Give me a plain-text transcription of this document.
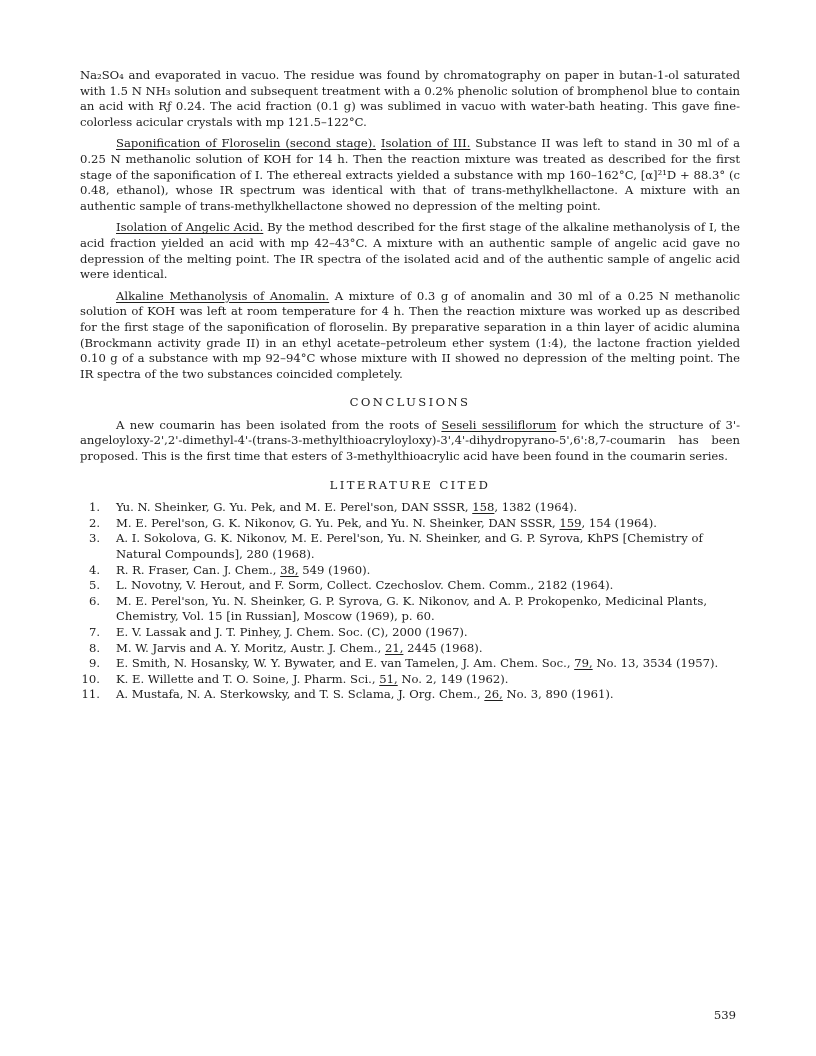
Na₂SO₄ and evaporated in vacuo. The residue was found by chromatography on paper in butan-1-ol saturated with 1.5 N NH₃ solution and subsequent treatment with a 0.2% phenolic solution of bromphenol blue to contain an acid with Rƒ 0.24. The acid fraction (0.1 g) was sublimed in vacuo with water-bath heating. This gave fine-colorless acicular crystals with mp 121.5–122°C.

Saponification of Floroselin (second stage). Isolation of III. Substance II was left to stand in 30 ml of a 0.25 N methanolic solution of KOH for 14 h. Then the reaction mixture was treated as described for the first stage of the saponification of I. The ethereal extracts yielded a substance with mp 160–162°C, [α]²¹D + 88.3° (c 0.48, ethanol), whose IR spectrum was identical with that of trans-methylkhellactone. A mixture with an authentic sample of trans-methylkhellactone showed no depression of the melting point.

Isolation of Angelic Acid. By the method described for the first stage of the alkaline methanolysis of I, the acid fraction yielded an acid with mp 42–43°C. A mixture with an authentic sample of angelic acid gave no depression of the melting point. The IR spectra of the isolated acid and of the authentic sample of angelic acid were identical.

Alkaline Methanolysis of Anomalin. A mixture of 0.3 g of anomalin and 30 ml of a 0.25 N methanolic solution of KOH was left at room temperature for 4 h. Then the reaction mixture was worked up as described for the first stage of the saponification of floroselin. By preparative separation in a thin layer of acidic alumina (Brockmann activity grade II) in an ethyl acetate–petroleum ether system (1:4), the lactone fraction yielded 0.10 g of a substance with mp 92–94°C whose mixture with II showed no depression of the melting point. The IR spectra of the two substances coincided completely.

CONCLUSIONS

A new coumarin has been isolated from the roots of Seseli sessiliflorum for which the structure of 3'-angeloyloxy-2',2'-dimethyl-4'-(trans-3-methylthioacryloyloxy)-3',4'-dihydropyrano-5',6':8,7-coumarin has been proposed. This is the first time that esters of 3-methylthioacrylic acid have been found in the coumarin series.

LITERATURE CITED
1. Yu. N. Sheinker, G. Yu. Pek, and M. E. Perel'son, DAN SSSR, 158, 1382 (1964).
2. M. E. Perel'son, G. K. Nikonov, G. Yu. Pek, and Yu. N. Sheinker, DAN SSSR, 159, 154 (1964).
3. A. I. Sokolova, G. K. Nikonov, M. E. Perel'son, Yu. N. Sheinker, and G. P. Syrova, KhPS [Chemistry of Natural Compounds], 280 (1968).
4. R. R. Fraser, Can. J. Chem., 38, 549 (1960).
5. L. Novotny, V. Herout, and F. Sorm, Collect. Czechoslov. Chem. Comm., 2182 (1964).
6. M. E. Perel'son, Yu. N. Sheinker, G. P. Syrova, G. K. Nikonov, and A. P. Prokopenko, Medicinal Plants, Chemistry, Vol. 15 [in Russian], Moscow (1969), p. 60.
7. E. V. Lassak and J. T. Pinhey, J. Chem. Soc. (C), 2000 (1967).
8. M. W. Jarvis and A. Y. Moritz, Austr. J. Chem., 21, 2445 (1968).
9. E. Smith, N. Hosansky, W. Y. Bywater, and E. van Tamelen, J. Am. Chem. Soc., 79, No. 13, 3534 (1957).
10. K. E. Willette and T. O. Soine, J. Pharm. Sci., 51, No. 2, 149 (1962).
11. A. Mustafa, N. A. Sterkowsky, and T. S. Sclama, J. Org. Chem., 26, No. 3, 890 (1961).
539
